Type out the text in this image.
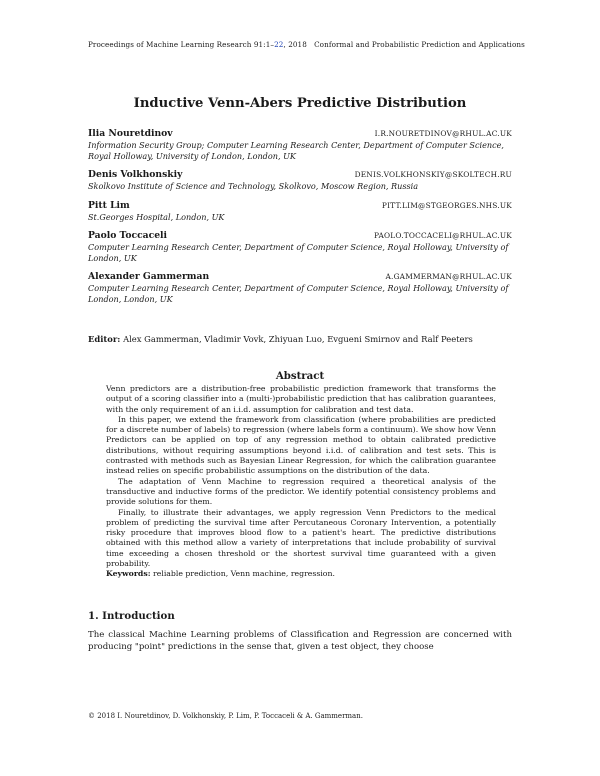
Proceedings of Machine Learning Research 91:1–22, 2018 Conformal and Probabilistic Prediction and Applications
Inductive Venn-Abers Predictive Distribution
Ilia Nouretdinov	I.R.NOURETDINOV@RHUL.AC.UK
Information Security Group; Computer Learning Research Center, Department of Computer Science, Royal Holloway, University of London, London, UK
Denis Volkhonskiy	DENIS.VOLKHONSKIY@SKOLTECH.RU
Skolkovo Institute of Science and Technology, Skolkovo, Moscow Region, Russia
Pitt Lim	PITT.LIM@STGEORGES.NHS.UK
St.Georges Hospital, London, UK
Paolo Toccaceli	PAOLO.TOCCACELI@RHUL.AC.UK
Computer Learning Research Center, Department of Computer Science, Royal Holloway, University of London, UK
Alexander Gammerman	A.GAMMERMAN@RHUL.AC.UK
Computer Learning Research Center, Department of Computer Science, Royal Holloway, University of London, London, UK
Editor: Alex Gammerman, Vladimir Vovk, Zhiyuan Luo, Evgueni Smirnov and Ralf Peeters
Abstract

Venn predictors are a distribution-free probabilistic prediction framework that transforms the output of a scoring classifier into a (multi-)probabilistic prediction that has calibration guarantees, with the only requirement of an i.i.d. assumption for calibration and test data.

In this paper, we extend the framework from classification (where probabilities are predicted for a discrete number of labels) to regression (where labels form a continuum). We show how Venn Predictors can be applied on top of any regression method to obtain calibrated predictive distributions, without requiring assumptions beyond i.i.d. of calibration and test sets. This is contrasted with methods such as Bayesian Linear Regression, for which the calibration guarantee instead relies on specific probabilistic assumptions on the distribution of the data.

The adaptation of Venn Machine to regression required a theoretical analysis of the transductive and inductive forms of the predictor. We identify potential consistency problems and provide solutions for them.

Finally, to illustrate their advantages, we apply regression Venn Predictors to the medical problem of predicting the survival time after Percutaneous Coronary Intervention, a potentially risky procedure that improves blood flow to a patient's heart. The predictive distributions obtained with this method allow a variety of interpretations that include probability of survival time exceeding a chosen threshold or the shortest survival time guaranteed with a given probability.

Keywords: reliable prediction, Venn machine, regression.
1. Introduction

The classical Machine Learning problems of Classification and Regression are concerned with producing "point" predictions in the sense that, given a test object, they choose

© 2018 I. Nouretdinov, D. Volkhonskiy, P. Lim, P. Toccaceli & A. Gammerman.
